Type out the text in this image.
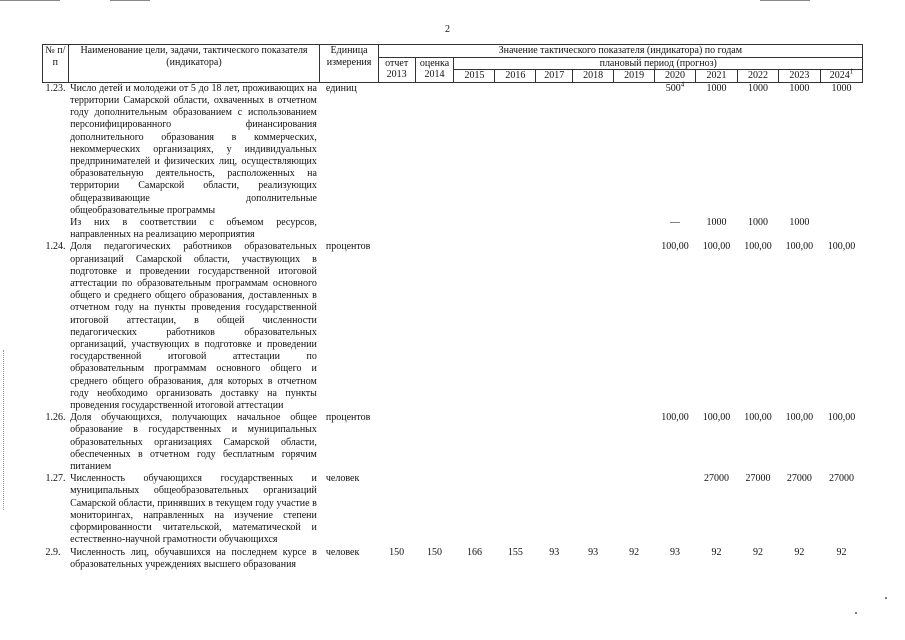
2
№ п/п	Наименование цели, задачи, тактического показателя (индикатора)	Единица измерения	Значение тактического показателя (индикатора) по годам											
			отчет 2013	оценка 2014	плановый период (прогноз)									
					2015	2016	2017	2018	2019	2020	2021	2022	2023	2024$^1$
1.23.	Число детей и молодежи от 5 до 18 лет, проживающих на территории Самарской области, охваченных в отчетном году дополнительным образованием с использованием персонифицированного финансирования дополнительного образования в коммерческих, некоммерческих организациях, у индивидуальных предпринимателей и физических лиц, осуществляющих образовательную деятельность, расположенных на территории Самарской области, реализующих общеразвивающие дополнительные общеобразовательные программы	единиц								$500^4$	1000	1000	1000	1000
	Из них в соответствии с объемом ресурсов, направленных на реализацию мероприятия									—	1000	1000	1000	
1.24.	Доля педагогических работников образовательных организаций Самарской области, участвующих в подготовке и проведении государственной итоговой аттестации по образовательным программам основного общего и среднего общего образования, доставленных в отчетном году на пункты проведения государственной итоговой аттестации, в общей численности педагогических работников образовательных организаций, участвующих в подготовке и проведении государственной итоговой аттестации по образовательным программам основного общего и среднего общего образования, для которых в отчетном году необходимо организовать доставку на пункты проведения государственной итоговой аттестации	процентов								100,00	100,00	100,00	100,00	100,00
1.26.	Доля обучающихся, получающих начальное общее образование в государственных и муниципальных образовательных организациях Самарской области, обеспеченных в отчетном году бесплатным горячим питанием	процентов								100,00	100,00	100,00	100,00	100,00
1.27.	Численность обучающихся государственных и муниципальных общеобразовательных организаций Самарской области, принявших в текущем году участие в мониторингах, направленных на изучение степени сформированности читательской, математической и естественно-научной грамотности обучающихся	человек									27000	27000	27000	27000
2.9.	Численность лиц, обучавшихся на последнем курсе в образовательных учреждениях высшего образования	человек	150	150	166	155	93	93	92	93	92	92	92	92
